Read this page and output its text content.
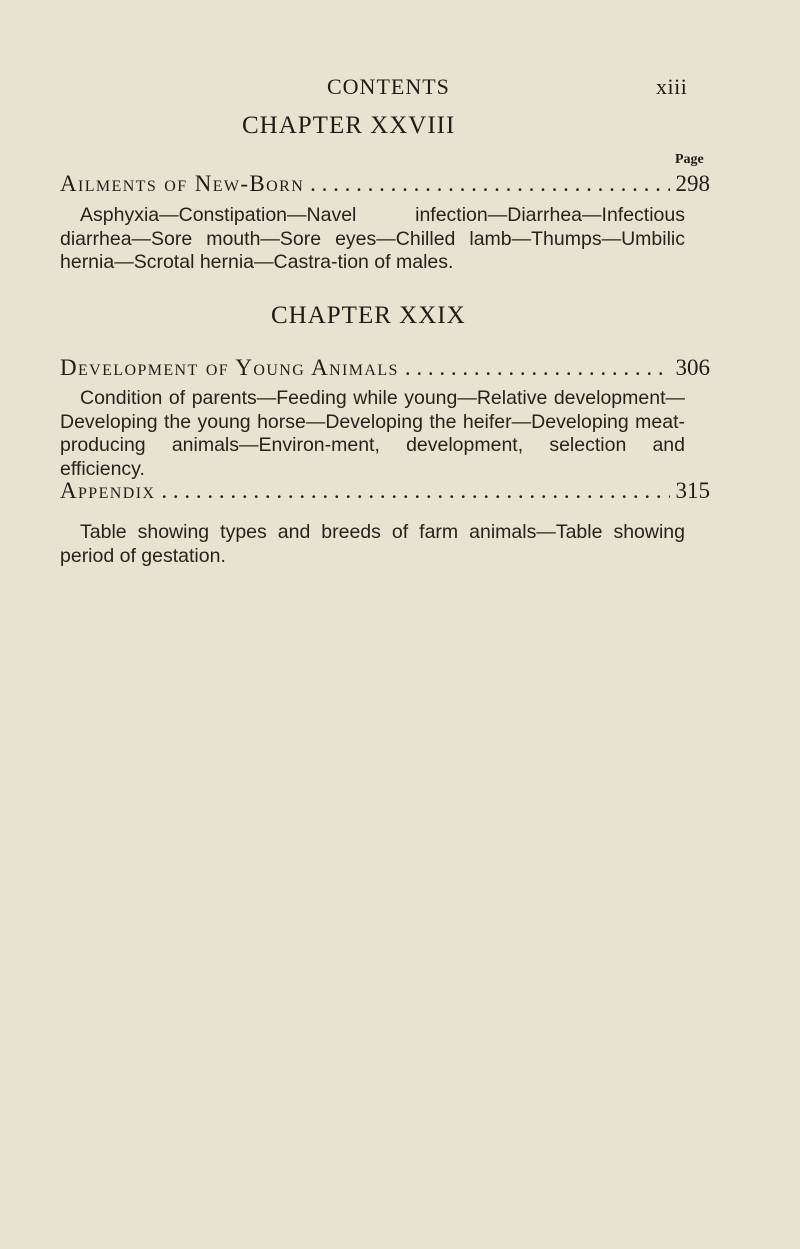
CONTENTS	xiii
CHAPTER XXVIII
Page
Ailments of New-Born . . .	298
Asphyxia—Constipation—Navel infection—Diarrhea—Infectious diarrhea—Sore mouth—Sore eyes—Chilled lamb—Thumps—Umbilic hernia—Scrotal hernia—Castra-tion of males.
CHAPTER XXIX
Development of Young Animals . . .	306
Condition of parents—Feeding while young—Relative development—Developing the young horse—Developing the heifer—Developing meat-producing animals—Environ-ment, development, selection and efficiency.
Appendix . . .	315
Table showing types and breeds of farm animals—Table showing period of gestation.
